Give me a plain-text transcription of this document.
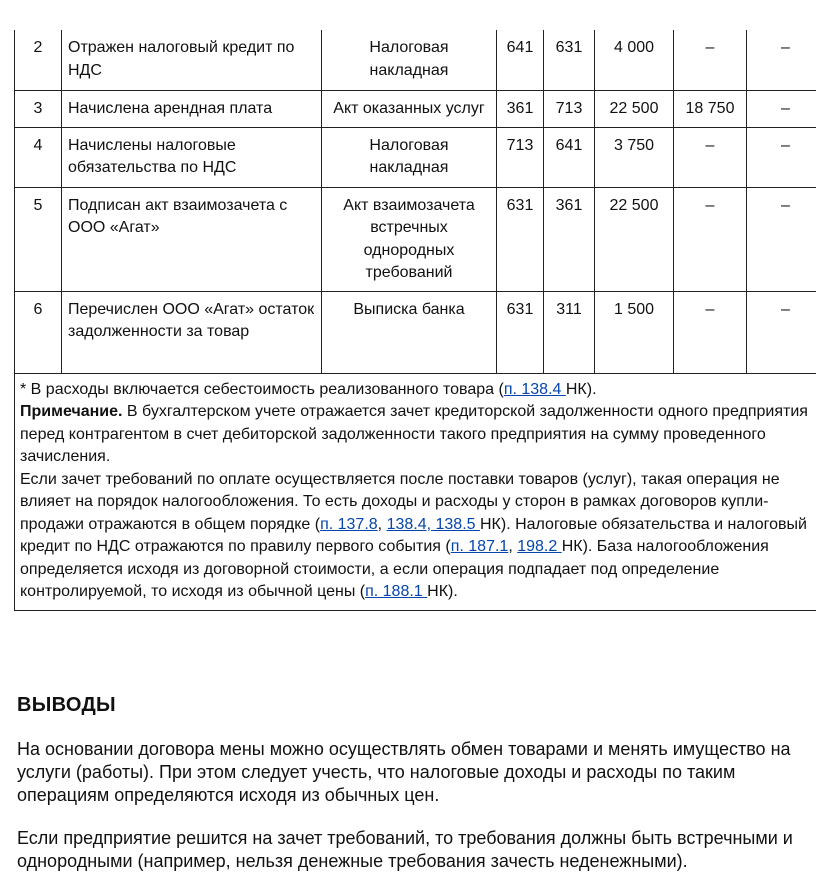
2	Отражен налоговый кредит по НДС	Налоговая накладная	641	631	4 000	–	–
3	Начислена арендная плата	Акт оказанных услуг	361	713	22 500	18 750	–
4	Начислены налоговые обязательства по НДС	Налоговая накладная	713	641	3 750	–	–
5	Подписан акт взаимозачета с ООО «Агат»	Акт взаимозачета встречных однородных требований	631	361	22 500	–	–
6	Перечислен ООО «Агат» остаток задолженности за товар	Выписка банка	631	311	1 500	–	–

* В расходы включается себестоимость реализованного товара (п. 138.4 НК).

Примечание. В бухгалтерском учете отражается зачет кредиторской задолженности одного предприятия перед контрагентом в счет дебиторской задолженности такого предприятия на сумму проведенного зачисления.

Если зачет требований по оплате осуществляется после поставки товаров (услуг), такая операция не влияет на порядок налогообложения. То есть доходы и расходы у сторон в рамках договоров купли-продажи отражаются в общем порядке (п. 137.8, 138.4, 138.5 НК). Налоговые обязательства и налоговый кредит по НДС отражаются по правилу первого события (п. 187.1, 198.2 НК). База налогообложения определяется исходя из договорной стоимости, а если операция подпадает под определение контролируемой, то исходя из обычной цены (п. 188.1 НК).							

ВЫВОДЫ

На основании договора мены можно осуществлять обмен товарами и менять имущество на услуги (работы). При этом следует учесть, что налоговые доходы и расходы по таким операциям определяются исходя из обычных цен.

Если предприятие решится на зачет требований, то требования должны быть встречными и однородными (например, нельзя денежные требования зачесть неденежными).
